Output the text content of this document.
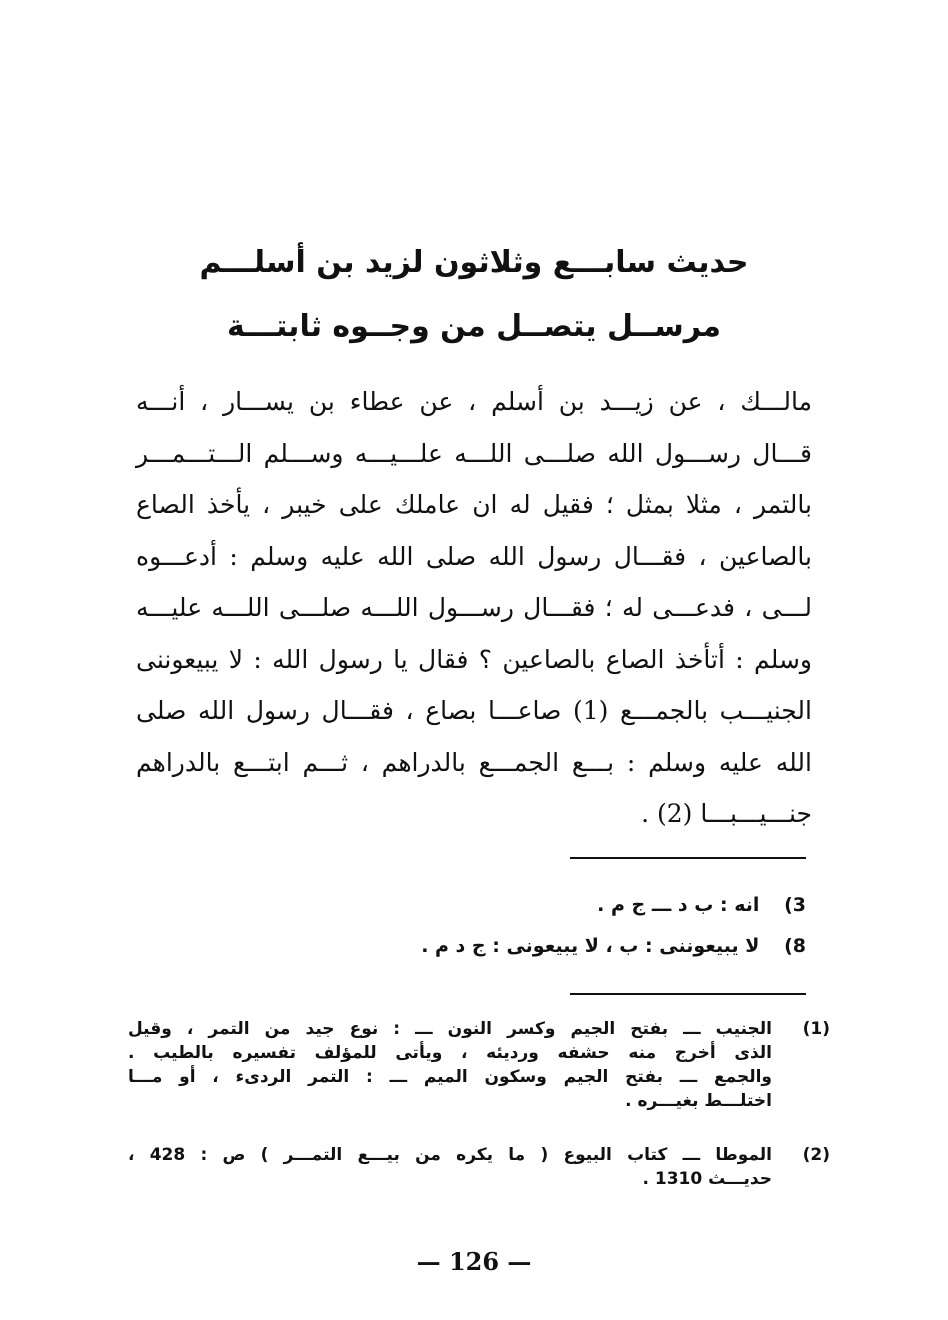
حديث سابـــع وثلاثون لزيد بن أسلـــم
مرســل يتصــل من وجــوه ثابتـــة
مالـــك ، عن زيـــد بن أسلم ، عن عطاء بن يســـار ، أنـــه
قـــال رســـول الله صلـــى اللـــه علـــيـــه وســـلم الـــتـــمـــر
بالتمر ، مثلا بمثل ؛ فقيل له ان عاملك على خيبر ، يأخذ الصاع
بالصاعين ، فقـــال رسول الله صلى الله عليه وسلم : أدعـــوه
لـــى ، فدعـــى له ؛ فقـــال رســـول اللـــه صلـــى اللـــه عليـــه
وسلم : أتأخذ الصاع بالصاعين ؟ فقال يا رسول الله : لا يبيعوننى
الجنيـــب بالجمـــع (1) صاعـــا بصاع ، فقـــال رسول الله صلى
الله عليه وسلم : بـــع الجمـــع بالدراهم ، ثـــم ابتـــع بالدراهم
جنـــيـــبـــا (2) .
3) انه : ب د ـــ ج م .
8) لا يبيعوننى : ب ، لا يبيعونى : ج د م .
(1)
الجنيب ـــ بفتح الجيم وكسر النون ـــ : نوع جيد من التمر ، وقيل
الذى أخرج منه حشفه ورديئه ، ويأتى للمؤلف تفسيره بالطيب .
والجمع ـــ بفتح الجيم وسكون الميم ـــ : التمر الردىء ، أو مـــا
اختلـــط بغيـــره .
(2)
الموطا ـــ كتاب البيوع ( ما يكره من بيـــع التمـــر ) ص : 428 ،
حديـــث 1310 .
— 126 —
